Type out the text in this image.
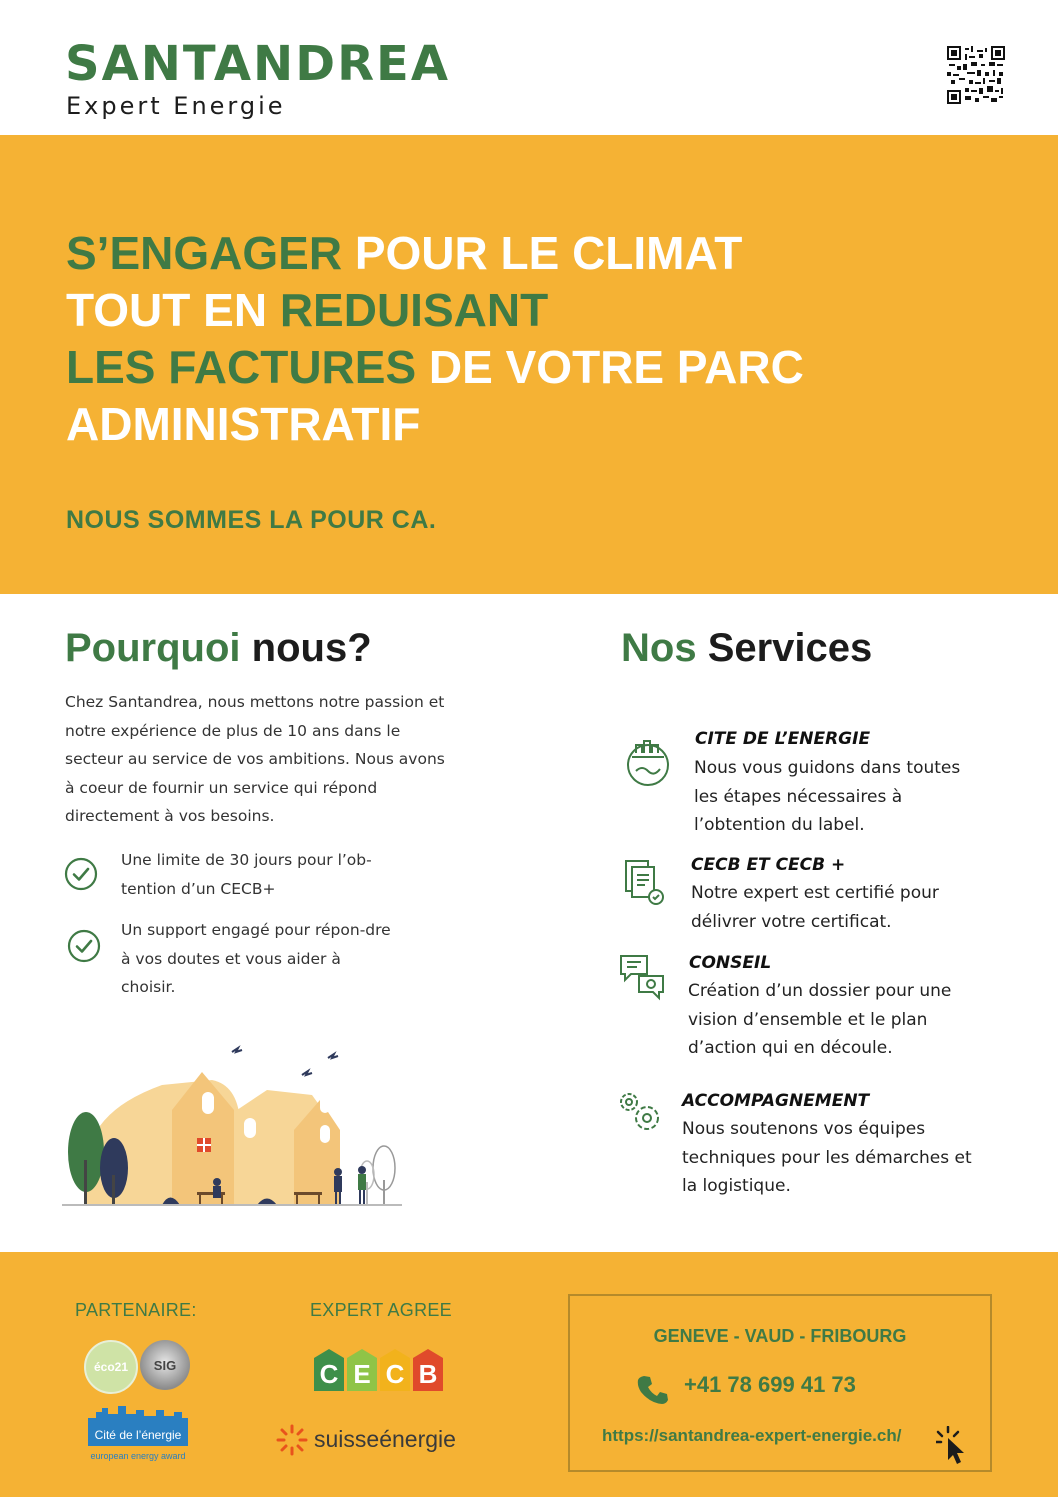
SANTANDREA
Expert Energie
S’ENGAGER POUR LE CLIMAT
TOUT EN REDUISANT
LES FACTURES DE VOTRE PARC
ADMINISTRATIF
NOUS SOMMES LA POUR CA.
Pourquoi nous?
Chez Santandrea, nous mettons notre passion et notre expérience de plus de 10 ans dans le secteur au service de vos ambitions. Nous avons à coeur de fournir un service qui répond directement à vos besoins.
Une limite de 30 jours pour l’ob-tention d’un CECB+
Un support engagé pour répon-dre à vos doutes et vous aider à choisir.
Nos Services
CITE DE L’ENERGIE
Nous vous guidons dans toutes les étapes nécessaires à l’obtention du label.
CECB ET CECB +
Notre expert est certifié pour délivrer votre certificat.
CONSEIL
Création d’un dossier pour une vision d’ensemble et le plan d’action qui en découle.
ACCOMPAGNEMENT
Nous soutenons vos équipes techniques pour les démarches et la logistique.
PARTENAIRE:	EXPERT AGREE
éco21	SIG
Cité de l’énergie
european energy award
C E C B
suisseénergie
GENEVE - VAUD - FRIBOURG
+41 78 699 41 73
https://santandrea-expert-energie.ch/
